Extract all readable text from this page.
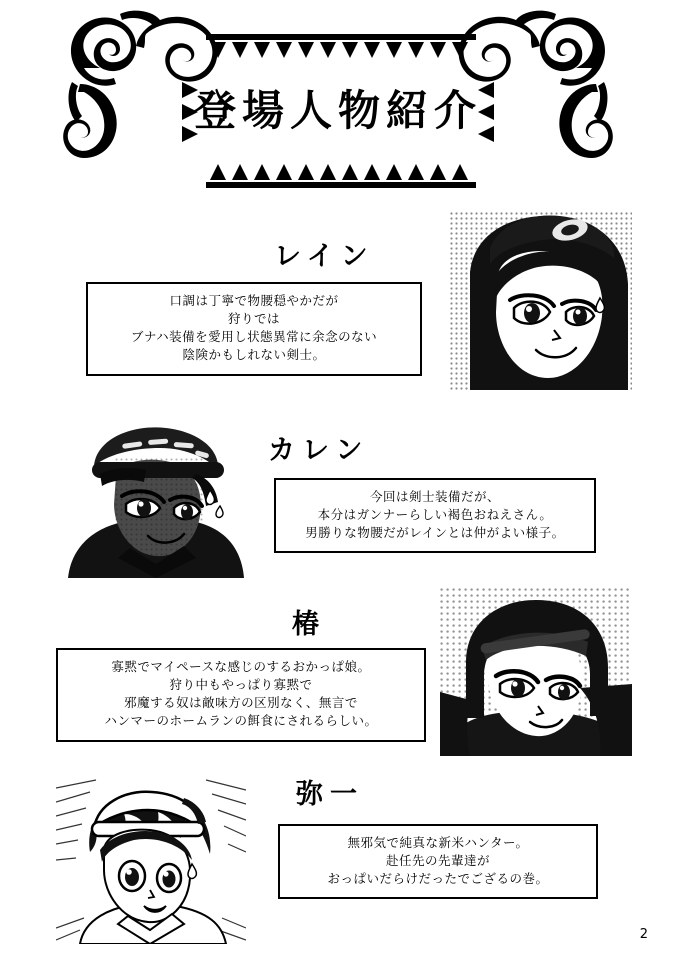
登場人物紹介
レイン
口調は丁寧で物腰穏やかだが
狩りでは
ブナハ装備を愛用し状態異常に余念のない
陰険かもしれない剣士。
カレン
今回は剣士装備だが、
本分はガンナーらしい褐色おねえさん。
男勝りな物腰だがレインとは仲がよい様子。
椿
寡黙でマイペースな感じのするおかっぱ娘。
狩り中もやっぱり寡黙で
邪魔する奴は敵味方の区別なく、無言で
ハンマーのホームランの餌食にされるらしい。
弥一
無邪気で純真な新米ハンター。
赴任先の先輩達が
おっぱいだらけだったでござるの巻。
2
